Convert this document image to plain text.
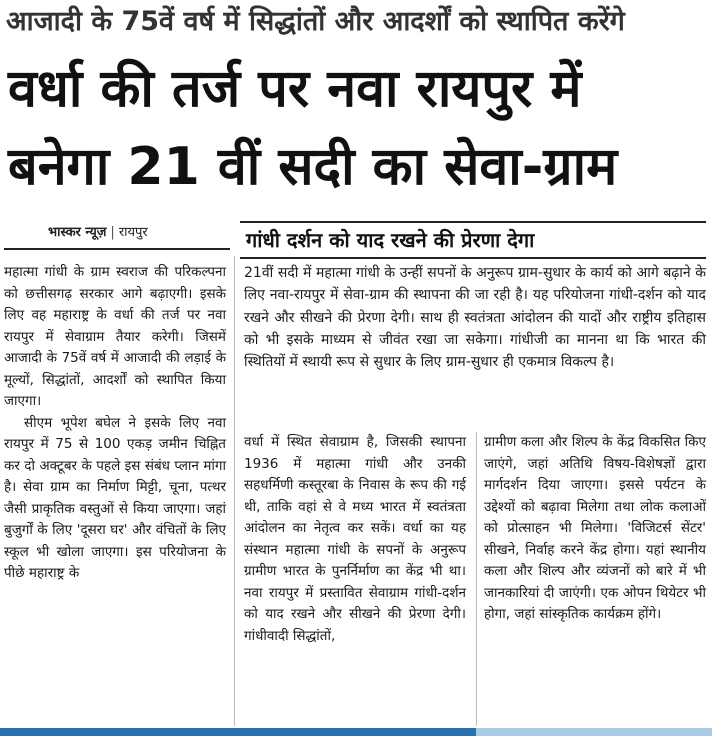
आजादी के 75वें वर्ष में सिद्धांतों और आदर्शों को स्थापित करेंगे
वर्धा की तर्ज पर नवा रायपुर में
बनेगा 21 वीं सदी का सेवा-ग्राम
भास्कर न्यूज़ | रायपुर	गांधी दर्शन को याद रखने की प्रेरणा देगा

महात्मा गांधी के ग्राम स्वराज की परिकल्पना को छत्तीसगढ़ सरकार आगे बढ़ाएगी। इसके लिए वह महाराष्ट्र के वर्धा की तर्ज पर नवा रायपुर में सेवाग्राम तैयार करेगी। जिसमें आजादी के 75वें वर्ष में आजादी की लड़ाई के मूल्यों, सिद्धांतों, आदर्शों को स्थापित किया जाएगा।

सीएम भूपेश बघेल ने इसके लिए नवा रायपुर में 75 से 100 एकड़ जमीन चिह्नित कर दो अक्टूबर के पहले इस संबंध प्लान मांगा है। सेवा ग्राम का निर्माण मिट्टी, चूना, पत्थर जैसी प्राकृतिक वस्तुओं से किया जाएगा। जहां बुजुर्गों के लिए 'दूसरा घर' और वंचितों के लिए स्कूल भी खोला जाएगा। इस परियोजना के पीछे महाराष्ट्र के

21वीं सदी में महात्मा गांधी के उन्हीं सपनों के अनुरूप ग्राम-सुधार के कार्य को आगे बढ़ाने के लिए नवा-रायपुर में सेवा-ग्राम की स्थापना की जा रही है। यह परियोजना गांधी-दर्शन को याद रखने और सीखने की प्रेरणा देगी। साथ ही स्वतंत्रता आंदोलन की यादों और राष्ट्रीय इतिहास को भी इसके माध्यम से जीवंत रखा जा सकेगा। गांधीजी का मानना था कि भारत की स्थितियों में स्थायी रूप से सुधार के लिए ग्राम-सुधार ही एकमात्र विकल्प है।

वर्धा में स्थित सेवाग्राम है, जिसकी स्थापना 1936 में महात्मा गांधी और उनकी सहधर्मिणी कस्तूरबा के निवास के रूप की गई थी, ताकि वहां से वे मध्य भारत में स्वतंत्रता आंदोलन का नेतृत्व कर सकें। वर्धा का यह संस्थान महात्मा गांधी के सपनों के अनुरूप ग्रामीण भारत के पुनर्निर्माण का केंद्र भी था। नवा रायपुर में प्रस्तावित सेवाग्राम गांधी-दर्शन को याद रखने और सीखने की प्रेरणा देगी। गांधीवादी सिद्धांतों,

ग्रामीण कला और शिल्प के केंद्र विकसित किए जाएंगे, जहां अतिथि विषय-विशेषज्ञों द्वारा मार्गदर्शन दिया जाएगा। इससे पर्यटन के उद्देश्यों को बढ़ावा मिलेगा तथा लोक कलाओं को प्रोत्साहन भी मिलेगा। 'विजिटर्स सेंटर' सीखने, निर्वाह करने केंद्र होगा। यहां स्थानीय कला और शिल्प और व्यंजनों को बारे में भी जानकारियां दी जाएंगी। एक ओपन थियेटर भी होगा, जहां सांस्कृतिक कार्यक्रम होंगे।
